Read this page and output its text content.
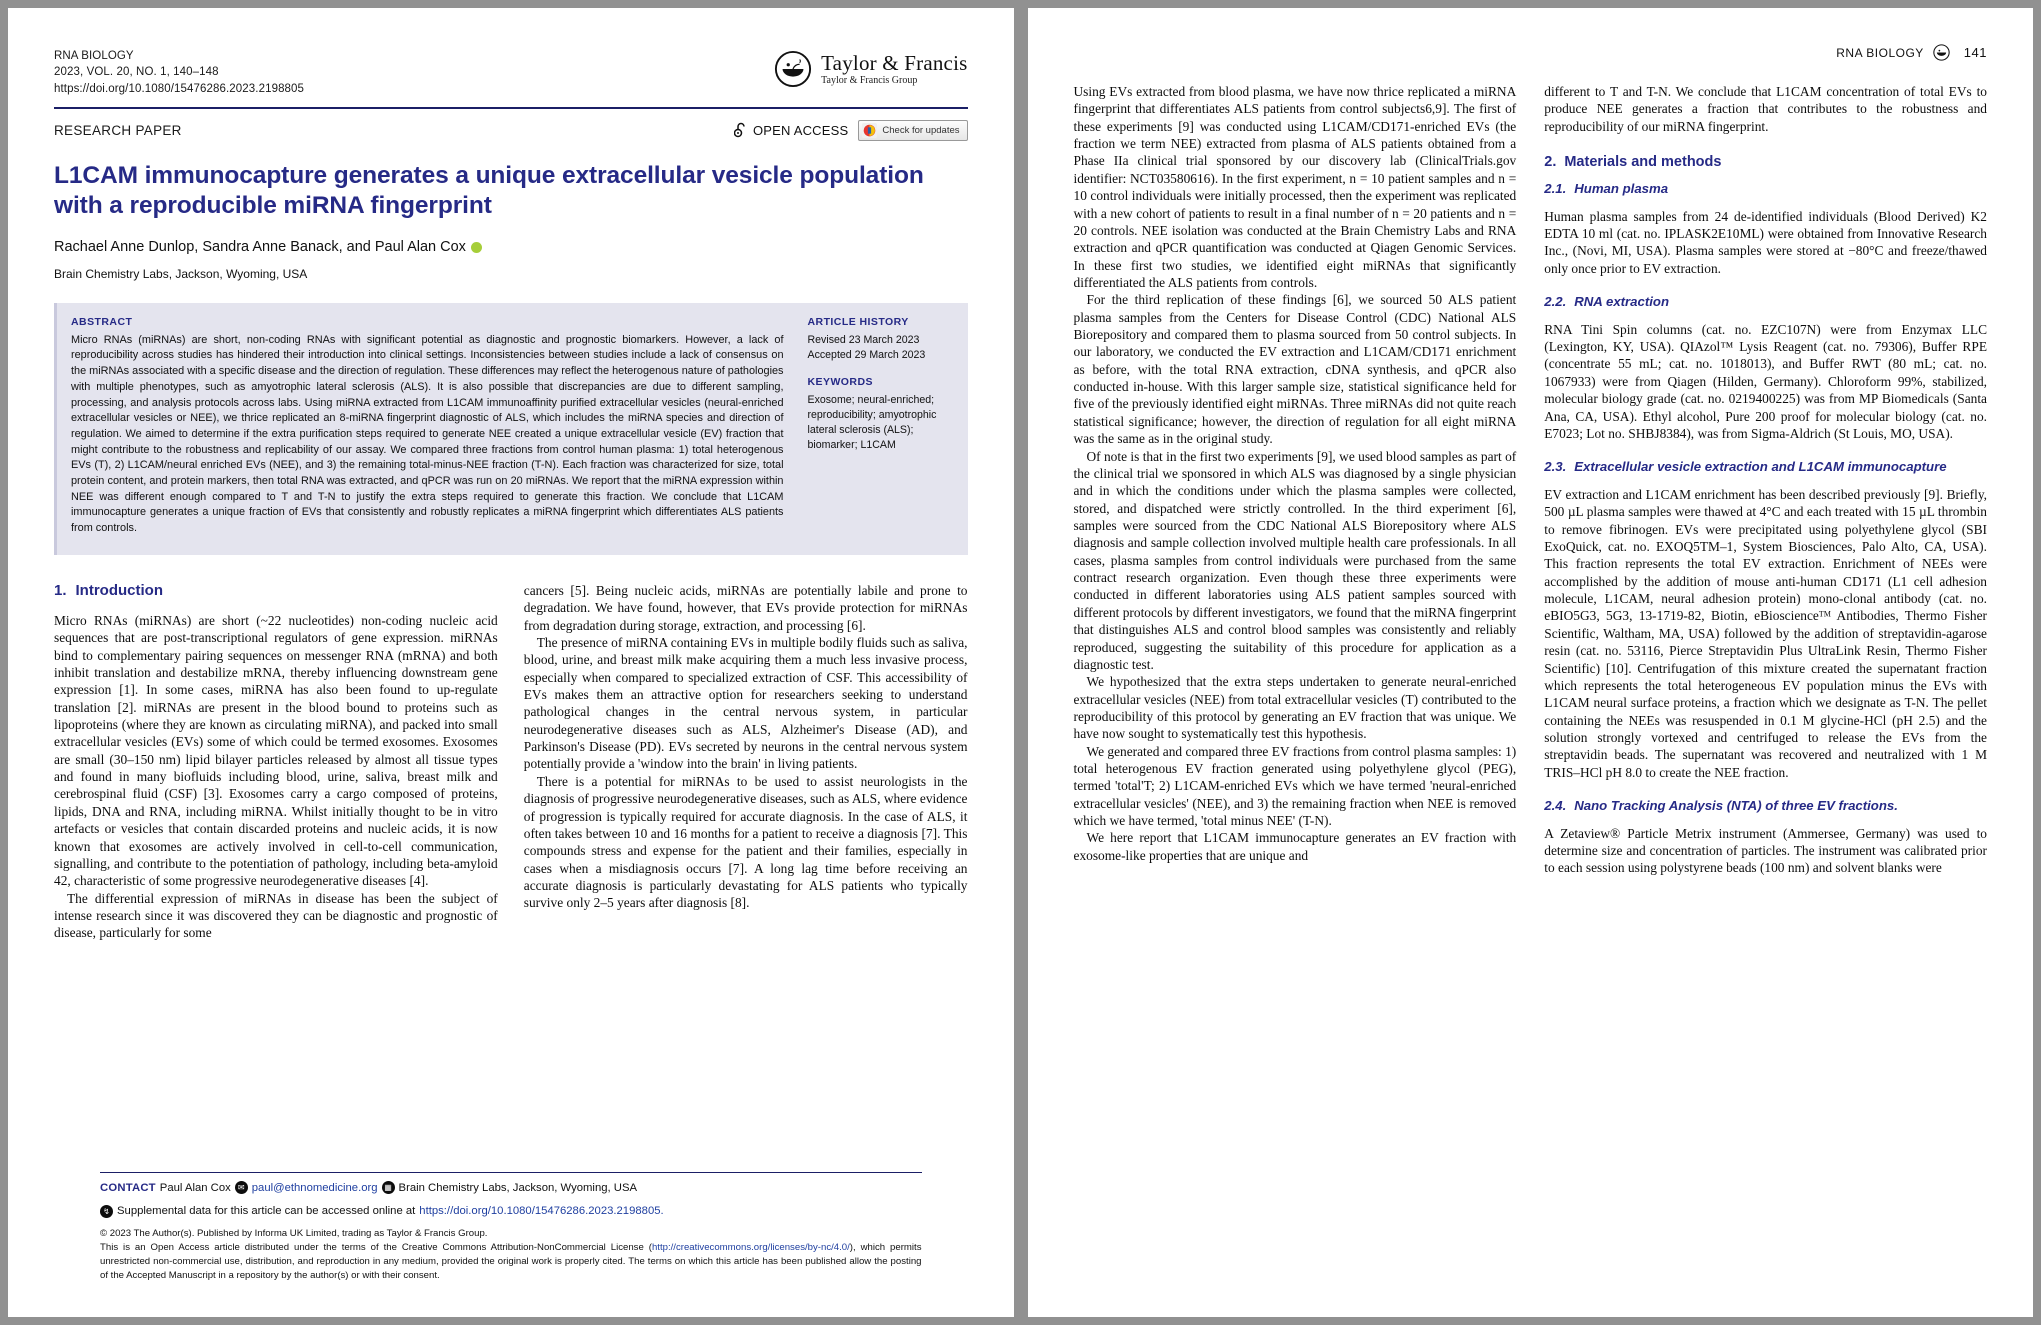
RNA BIOLOGY
2023, VOL. 20, NO. 1, 140–148
https://doi.org/10.1080/15476286.2023.2198805
Taylor & Francis
Taylor & Francis Group
RESEARCH PAPER	OPEN ACCESS	Check for updates
L1CAM immunocapture generates a unique extracellular vesicle population with a reproducible miRNA fingerprint
Rachael Anne Dunlop, Sandra Anne Banack, and Paul Alan Cox
Brain Chemistry Labs, Jackson, Wyoming, USA
ABSTRACT
Micro RNAs (miRNAs) are short, non-coding RNAs with significant potential as diagnostic and prognostic biomarkers. However, a lack of reproducibility across studies has hindered their introduction into clinical settings. Inconsistencies between studies include a lack of consensus on the miRNAs associated with a specific disease and the direction of regulation. These differences may reflect the heterogenous nature of pathologies with multiple phenotypes, such as amyotrophic lateral sclerosis (ALS). It is also possible that discrepancies are due to different sampling, processing, and analysis protocols across labs. Using miRNA extracted from L1CAM immunoaffinity purified extracellular vesicles (neural-enriched extracellular vesicles or NEE), we thrice replicated an 8-miRNA fingerprint diagnostic of ALS, which includes the miRNA species and direction of regulation. We aimed to determine if the extra purification steps required to generate NEE created a unique extracellular vesicle (EV) fraction that might contribute to the robustness and replicability of our assay. We compared three fractions from control human plasma: 1) total heterogenous EVs (T), 2) L1CAM/neural enriched EVs (NEE), and 3) the remaining total-minus-NEE fraction (T-N). Each fraction was characterized for size, total protein content, and protein markers, then total RNA was extracted, and qPCR was run on 20 miRNAs. We report that the miRNA expression within NEE was different enough compared to T and T-N to justify the extra steps required to generate this fraction. We conclude that L1CAM immunocapture generates a unique fraction of EVs that consistently and robustly replicates a miRNA fingerprint which differentiates ALS patients from controls.
ARTICLE HISTORY
Revised 23 March 2023
Accepted 29 March 2023
KEYWORDS
Exosome; neural-enriched; reproducibility; amyotrophic lateral sclerosis (ALS); biomarker; L1CAM
1. Introduction

Micro RNAs (miRNAs) are short (~22 nucleotides) non-coding nucleic acid sequences that are post-transcriptional regulators of gene expression. miRNAs bind to complementary pairing sequences on messenger RNA (mRNA) and both inhibit translation and destabilize mRNA, thereby influencing downstream gene expression [1]. In some cases, miRNA has also been found to up-regulate translation [2]. miRNAs are present in the blood bound to proteins such as lipoproteins (where they are known as circulating miRNA), and packed into small extracellular vesicles (EVs) some of which could be termed exosomes. Exosomes are small (30–150 nm) lipid bilayer particles released by almost all tissue types and found in many biofluids including blood, urine, saliva, breast milk and cerebrospinal fluid (CSF) [3]. Exosomes carry a cargo composed of proteins, lipids, DNA and RNA, including miRNA. Whilst initially thought to be in vitro artefacts or vesicles that contain discarded proteins and nucleic acids, it is now known that exosomes are actively involved in cell-to-cell communication, signalling, and contribute to the potentiation of pathology, including beta-amyloid 42, characteristic of some progressive neurodegenerative diseases [4].

The differential expression of miRNAs in disease has been the subject of intense research since it was discovered they can be diagnostic and prognostic of disease, particularly for some

cancers [5]. Being nucleic acids, miRNAs are potentially labile and prone to degradation. We have found, however, that EVs provide protection for miRNAs from degradation during storage, extraction, and processing [6].

The presence of miRNA containing EVs in multiple bodily fluids such as saliva, blood, urine, and breast milk make acquiring them a much less invasive process, especially when compared to specialized extraction of CSF. This accessibility of EVs makes them an attractive option for researchers seeking to understand pathological changes in the central nervous system, in particular neurodegenerative diseases such as ALS, Alzheimer's Disease (AD), and Parkinson's Disease (PD). EVs secreted by neurons in the central nervous system potentially provide a 'window into the brain' in living patients.

There is a potential for miRNAs to be used to assist neurologists in the diagnosis of progressive neurodegenerative diseases, such as ALS, where evidence of progression is typically required for accurate diagnosis. In the case of ALS, it often takes between 10 and 16 months for a patient to receive a diagnosis [7]. This compounds stress and expense for the patient and their families, especially in cases when a misdiagnosis occurs [7]. A long lag time before receiving an accurate diagnosis is particularly devastating for ALS patients who typically survive only 2–5 years after diagnosis [8].

CONTACT Paul Alan Cox ✉ paul@ethnomedicine.org ▦ Brain Chemistry Labs, Jackson, Wyoming, USA
↯ Supplemental data for this article can be accessed online at https://doi.org/10.1080/15476286.2023.2198805.
© 2023 The Author(s). Published by Informa UK Limited, trading as Taylor & Francis Group.
This is an Open Access article distributed under the terms of the Creative Commons Attribution-NonCommercial License (http://creativecommons.org/licenses/by-nc/4.0/), which permits unrestricted non-commercial use, distribution, and reproduction in any medium, provided the original work is properly cited. The terms on which this article has been published allow the posting of the Accepted Manuscript in a repository by the author(s) or with their consent.
RNA BIOLOGY	141

Using EVs extracted from blood plasma, we have now thrice replicated a miRNA fingerprint that differentiates ALS patients from control subjects6,9]. The first of these experiments [9] was conducted using L1CAM/CD171-enriched EVs (the fraction we term NEE) extracted from plasma of ALS patients obtained from a Phase IIa clinical trial sponsored by our discovery lab (ClinicalTrials.gov identifier: NCT03580616). In the first experiment, n = 10 patient samples and n = 10 control individuals were initially processed, then the experiment was replicated with a new cohort of patients to result in a final number of n = 20 patients and n = 20 controls. NEE isolation was conducted at the Brain Chemistry Labs and RNA extraction and qPCR quantification was conducted at Qiagen Genomic Services. In these first two studies, we identified eight miRNAs that significantly differentiated the ALS patients from controls.

For the third replication of these findings [6], we sourced 50 ALS patient plasma samples from the Centers for Disease Control (CDC) National ALS Biorepository and compared them to plasma sourced from 50 control subjects. In our laboratory, we conducted the EV extraction and L1CAM/CD171 enrichment as before, with the total RNA extraction, cDNA synthesis, and qPCR also conducted in-house. With this larger sample size, statistical significance held for five of the previously identified eight miRNAs. Three miRNAs did not quite reach statistical significance; however, the direction of regulation for all eight miRNA was the same as in the original study.

Of note is that in the first two experiments [9], we used blood samples as part of the clinical trial we sponsored in which ALS was diagnosed by a single physician and in which the conditions under which the plasma samples were collected, stored, and dispatched were strictly controlled. In the third experiment [6], samples were sourced from the CDC National ALS Biorepository where ALS diagnosis and sample collection involved multiple health care professionals. In all cases, plasma samples from control individuals were purchased from the same contract research organization. Even though these three experiments were conducted in different laboratories using ALS patient samples sourced with different protocols by different investigators, we found that the miRNA fingerprint that distinguishes ALS and control blood samples was consistently and reliably reproduced, suggesting the suitability of this procedure for application as a diagnostic test.

We hypothesized that the extra steps undertaken to generate neural-enriched extracellular vesicles (NEE) from total extracellular vesicles (T) contributed to the reproducibility of this protocol by generating an EV fraction that was unique. We have now sought to systematically test this hypothesis.

We generated and compared three EV fractions from control plasma samples: 1) total heterogenous EV fraction generated using polyethylene glycol (PEG), termed 'total'T; 2) L1CAM-enriched EVs which we have termed 'neural-enriched extracellular vesicles' (NEE), and 3) the remaining fraction when NEE is removed which we have termed, 'total minus NEE' (T-N).

We here report that L1CAM immunocapture generates an EV fraction with exosome-like properties that are unique and

different to T and T-N. We conclude that L1CAM concentration of total EVs to produce NEE generates a fraction that contributes to the robustness and reproducibility of our miRNA fingerprint.

2. Materials and methods
2.1. Human plasma

Human plasma samples from 24 de-identified individuals (Blood Derived) K2 EDTA 10 ml (cat. no. IPLASK2E10ML) were obtained from Innovative Research Inc., (Novi, MI, USA). Plasma samples were stored at −80°C and freeze/thawed only once prior to EV extraction.

2.2. RNA extraction

RNA Tini Spin columns (cat. no. EZC107N) were from Enzymax LLC (Lexington, KY, USA). QIAzol™ Lysis Reagent (cat. no. 79306), Buffer RPE (concentrate 55 mL; cat. no. 1018013), and Buffer RWT (80 mL; cat. no. 1067933) were from Qiagen (Hilden, Germany). Chloroform 99%, stabilized, molecular biology grade (cat. no. 0219400225) was from MP Biomedicals (Santa Ana, CA, USA). Ethyl alcohol, Pure 200 proof for molecular biology (cat. no. E7023; Lot no. SHBJ8384), was from Sigma-Aldrich (St Louis, MO, USA).

2.3. Extracellular vesicle extraction and L1CAM immunocapture

EV extraction and L1CAM enrichment has been described previously [9]. Briefly, 500 µL plasma samples were thawed at 4°C and each treated with 15 µL thrombin to remove fibrinogen. EVs were precipitated using polyethylene glycol (SBI ExoQuick, cat. no. EXOQ5TM–1, System Biosciences, Palo Alto, CA, USA). This fraction represents the total EV extraction. Enrichment of NEEs were accomplished by the addition of mouse anti-human CD171 (L1 cell adhesion molecule, L1CAM, neural adhesion protein) mono-clonal antibody (cat. no. eBIO5G3, 5G3, 13-1719-82, Biotin, eBioscienceᵀᴹ Antibodies, Thermo Fisher Scientific, Waltham, MA, USA) followed by the addition of streptavidin-agarose resin (cat. no. 53116, Pierce Streptavidin Plus UltraLink Resin, Thermo Fisher Scientific) [10]. Centrifugation of this mixture created the supernatant fraction which represents the total heterogeneous EV population minus the EVs with L1CAM neural surface proteins, a fraction which we designate as T-N. The pellet containing the NEEs was resuspended in 0.1 M glycine-HCl (pH 2.5) and the solution strongly vortexed and centrifuged to release the EVs from the streptavidin beads. The supernatant was recovered and neutralized with 1 M TRIS–HCl pH 8.0 to create the NEE fraction.

2.4. Nano Tracking Analysis (NTA) of three EV fractions.

A Zetaview® Particle Metrix instrument (Ammersee, Germany) was used to determine size and concentration of particles. The instrument was calibrated prior to each session using polystyrene beads (100 nm) and solvent blanks were
